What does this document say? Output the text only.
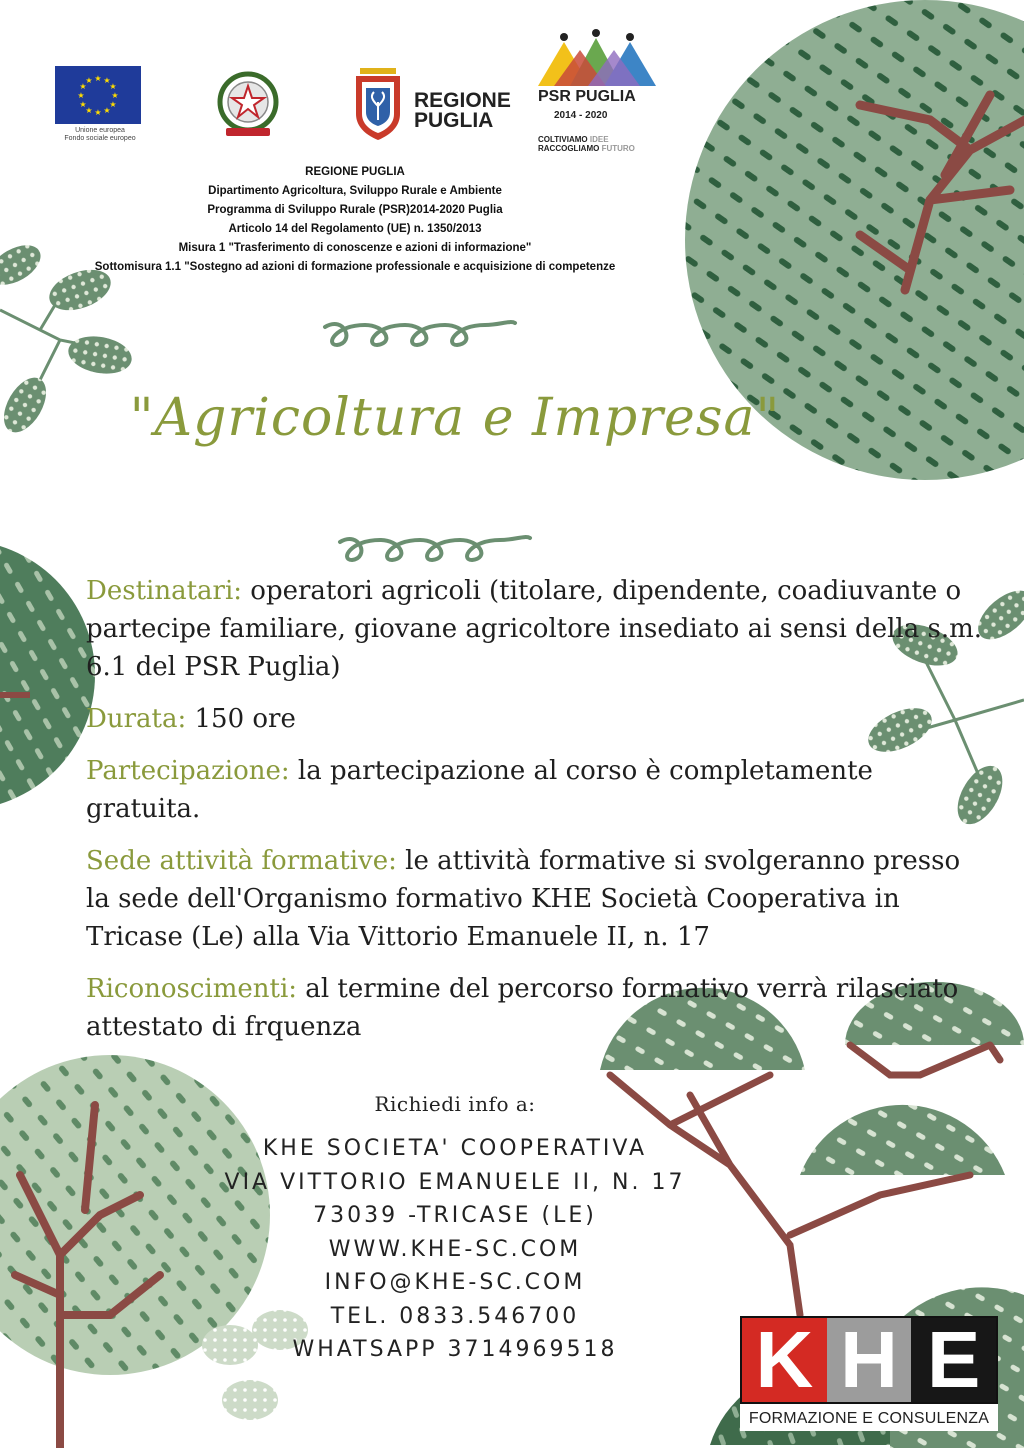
★ ★
★
★
★
★
★
★
★
★
★
★
Unione europea
Fondo sociale europeo
REGIONE
PUGLIA
PSR PUGLIA
2014 - 2020
COLTIVIAMO IDEE
RACCOGLIAMO FUTURO
REGIONE PUGLIA
Dipartimento Agricoltura, Sviluppo Rurale e Ambiente
Programma di Sviluppo Rurale (PSR)2014-2020 Puglia
Articolo 14 del Regolamento (UE) n. 1350/2013
Misura 1 "Trasferimento di conoscenze e azioni di informazione"
Sottomisura 1.1 "Sostegno ad azioni di formazione professionale e acquisizione di competenze
"Agricoltura e Impresa"

Destinatari: operatori agricoli (titolare, dipendente, coadiuvante o partecipe familiare, giovane agricoltore insediato ai sensi della s.m. 6.1 del PSR Puglia)

Durata: 150 ore

Partecipazione: la partecipazione al corso è completamente gratuita.

Sede attività formative: le attività formative si svolgeranno presso la sede dell'Organismo formativo KHE Società Cooperativa in Tricase (Le) alla Via Vittorio Emanuele II, n. 17

Riconoscimenti: al termine del percorso formativo verrà rilasciato attestato di frquenza

Richiedi info a:
KHE SOCIETA' COOPERATIVA
VIA VITTORIO EMANUELE II, N. 17
73039 -TRICASE (LE)
WWW.KHE-SC.COM
INFO@KHE-SC.COM
TEL. 0833.546700
WHATSAPP 3714969518	K H E
FORMAZIONE E CONSULENZA
